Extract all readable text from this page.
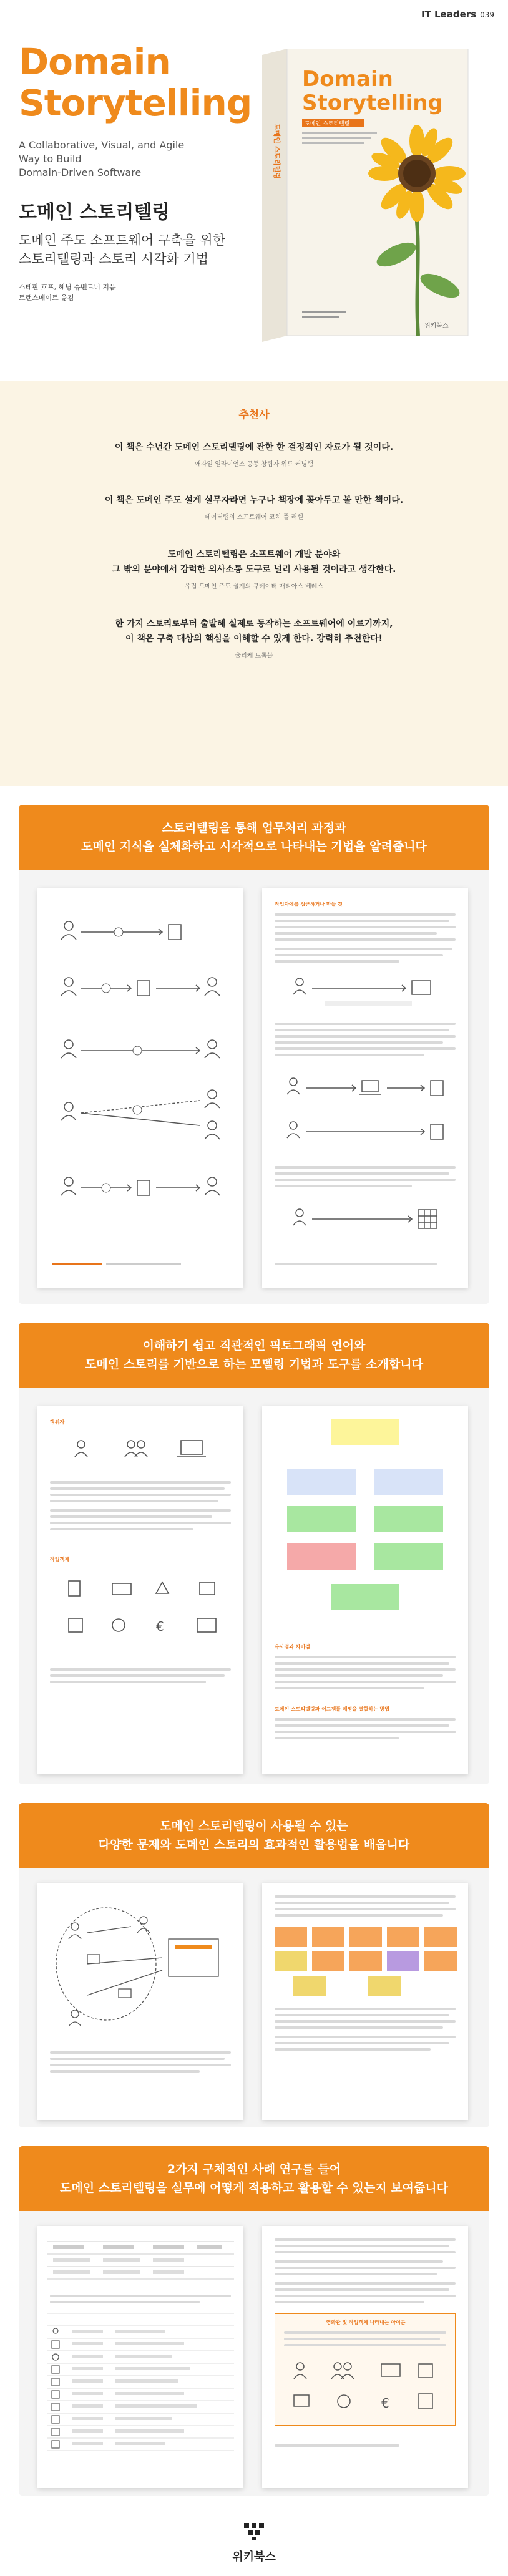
IT Leaders_039
Domain
Storytelling
A Collaborative, Visual, and Agile Way to Build
Domain-Driven Software
도메인 스토리텔링
도메인 주도 소프트웨어 구축을 위한
스토리텔링과 스토리 시각화 기법
스테판 호프, 헤닝 슈벤트너 지음
트랜스메이트 옮김
도메인 스토리텔링
Domain
Storytelling
도메인 스토리텔링
위키북스
추천사
이 책은 수년간 도메인 스토리텔링에 관한 한 결정적인 자료가 될 것이다.
애자일 얼라이언스 공동 창립자 워드 커닝햄
이 책은 도메인 주도 설계 실무자라면 누구나 책장에 꽂아두고 볼 만한 책이다.
데이터랩의 소프트웨어 코치 폴 러셀
도메인 스토리텔링은 소프트웨어 개발 분야와
그 밖의 분야에서 강력한 의사소통 도구로 널리 사용될 것이라고 생각한다.
유럽 도메인 주도 설계의 큐레이터 매티아스 베레스
한 가지 스토리로부터 출발해 실제로 동작하는 소프트웨어에 이르기까지,
이 책은 구축 대상의 핵심을 이해할 수 있게 한다. 강력히 추천한다!
율리케 트롬블
스토리텔링을 통해 업무처리 과정과
도메인 지식을 실체화하고 시각적으로 나타내는 기법을 알려줍니다
작업자에를 접근하거나 만들 것
이해하기 쉽고 직관적인 픽토그래픽 언어와
도메인 스토리를 기반으로 하는 모델링 기법과 도구를 소개합니다
행위자
작업객체
€
유사점과 차이점
도메인 스토리텔링과 이그젬플 매핑을 결합하는 방법
도메인 스토리텔링이 사용될 수 있는
다양한 문제와 도메인 스토리의 효과적인 활용법을 배웁니다
2가지 구체적인 사례 연구를 들어
도메인 스토리텔링을 실무에 어떻게 적용하고 활용할 수 있는지 보여줍니다
영화관 및 작업객체 나타내는 아이콘
€
위키북스
